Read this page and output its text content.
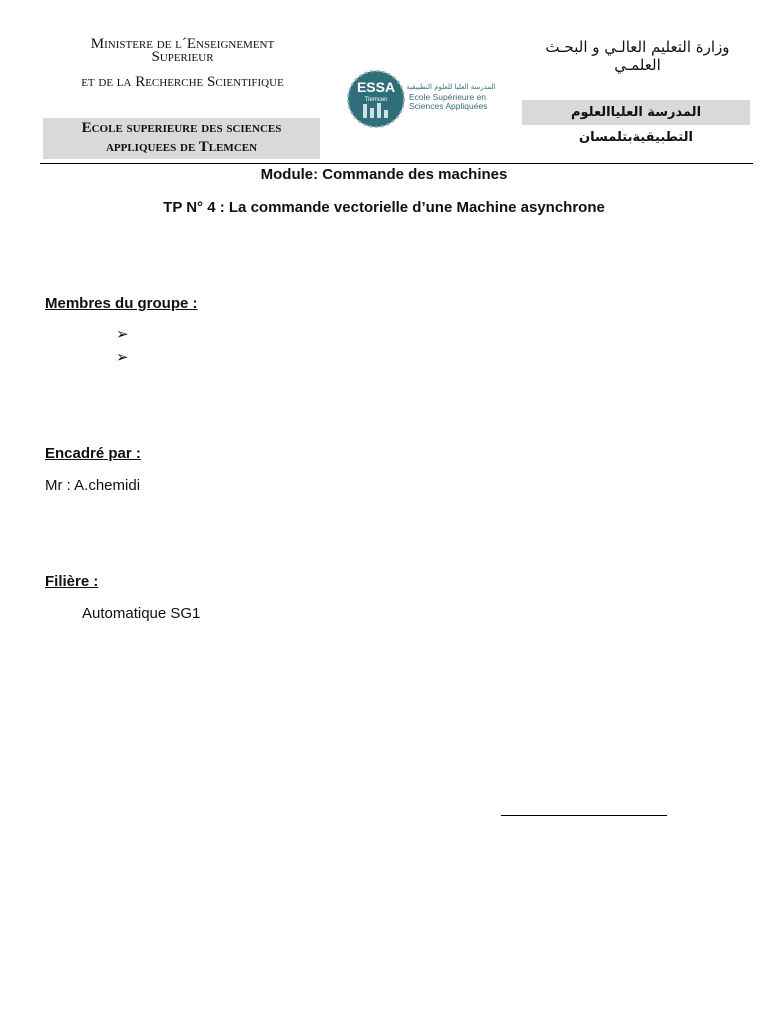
Ministere de l´Enseignement
Superieur
et de la Recherche Scientifique
Ecole superieure des sciences
appliquees de Tlemcen
ESSA
Tlemcen
المدرسة العليا للعلوم التطبيقية
Ecole Supérieure en
Sciences Appliquées
وزارة التعليم العالـي و البحـث العلمـي
المدرسة العلياالعلوم التطبيقيةبتلمسان
Module: Commande des machines
TP N° 4 : La commande vectorielle d’une Machine asynchrone
Membres du groupe :
➢
➢
Encadré par :
Mr : A.chemidi
Filière :
Automatique SG1
